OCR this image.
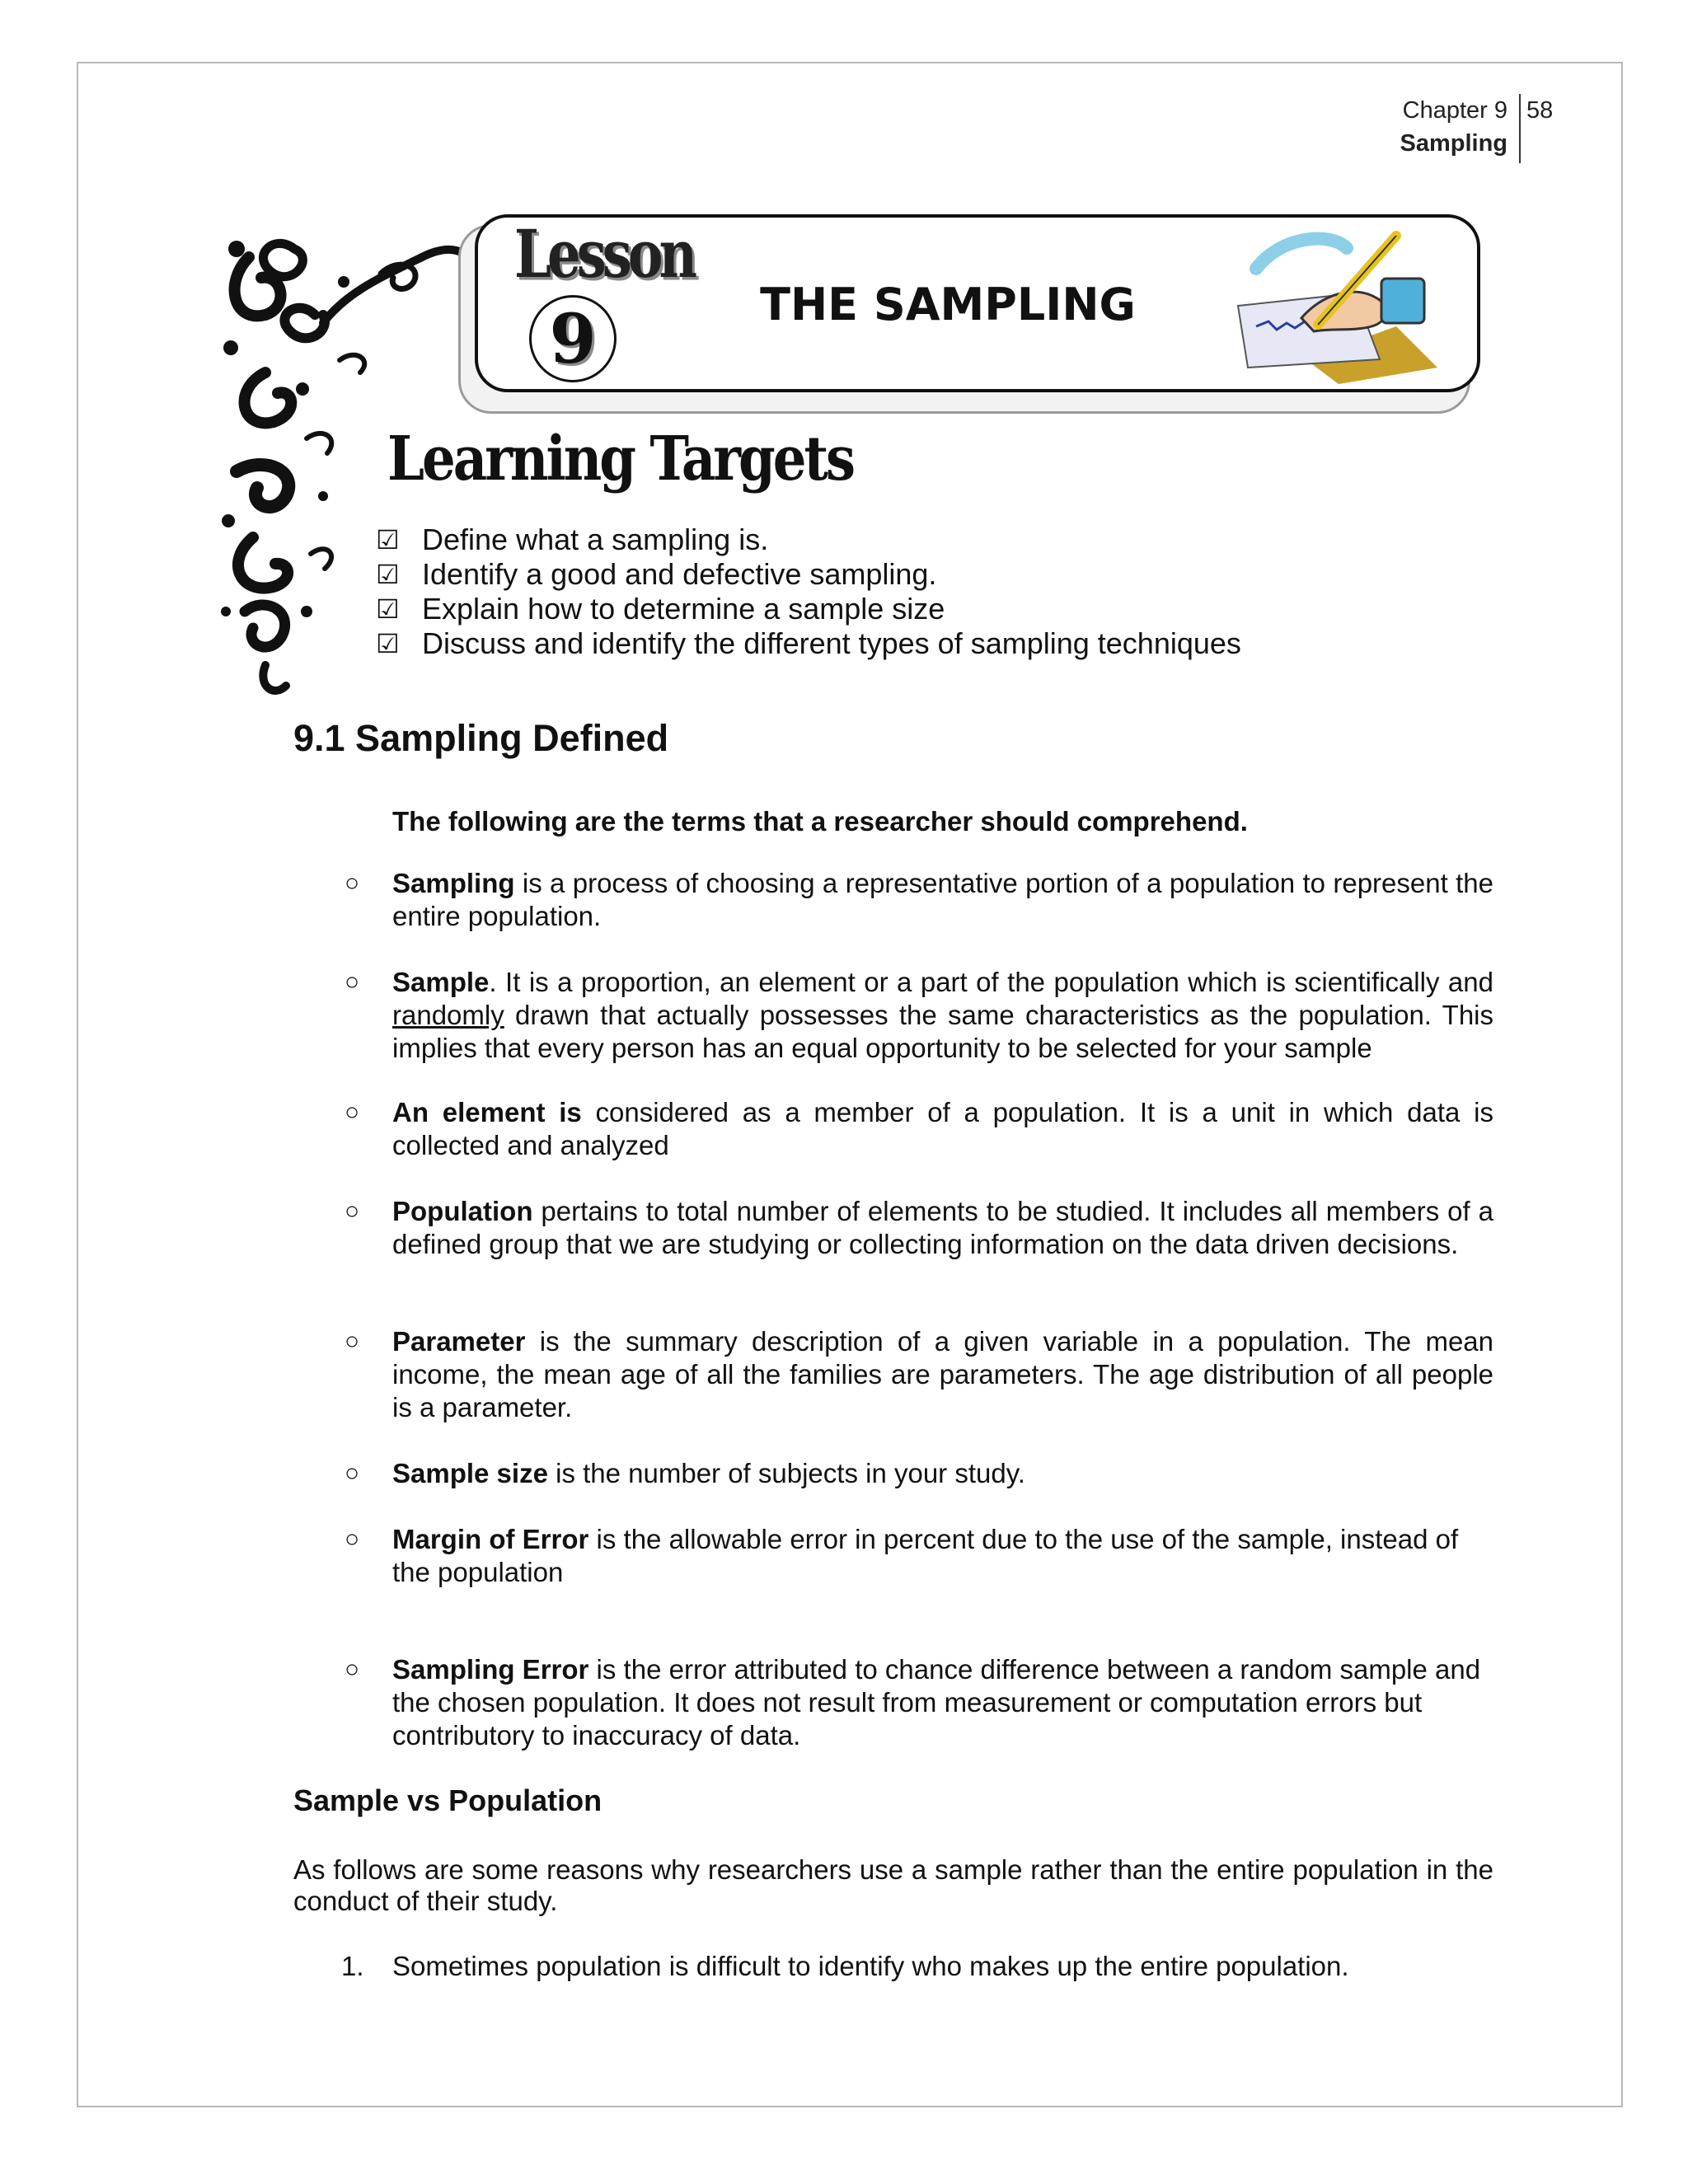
Chapter 9
Sampling
58
Lesson
9	THE SAMPLING
Learning Targets
☑ Define what a sampling is.
☑ Identify a good and defective sampling.
☑ Explain how to determine a sample size
☑ Discuss and identify the different types of sampling techniques
9.1 Sampling Defined
The following are the terms that a researcher should comprehend.
○ Sampling is a process of choosing a representative portion of a population to represent the entire population.
○ Sample. It is a proportion, an element or a part of the population which is scientifically and randomly drawn that actually possesses the same characteristics as the population. This implies that every person has an equal opportunity to be selected for your sample
○ An element is considered as a member of a population. It is a unit in which data is collected and analyzed
○ Population pertains to total number of elements to be studied. It includes all members of a defined group that we are studying or collecting information on the data driven decisions.
○ Parameter is the summary description of a given variable in a population. The mean income, the mean age of all the families are parameters. The age distribution of all people is a parameter.
○ Sample size is the number of subjects in your study.
○ Margin of Error is the allowable error in percent due to the use of the sample, instead of the population
○ Sampling Error is the error attributed to chance difference between a random sample and the chosen population. It does not result from measurement or computation errors but contributory to inaccuracy of data.
Sample vs Population
As follows are some reasons why researchers use a sample rather than the entire population in the conduct of their study.
1. Sometimes population is difficult to identify who makes up the entire population.
